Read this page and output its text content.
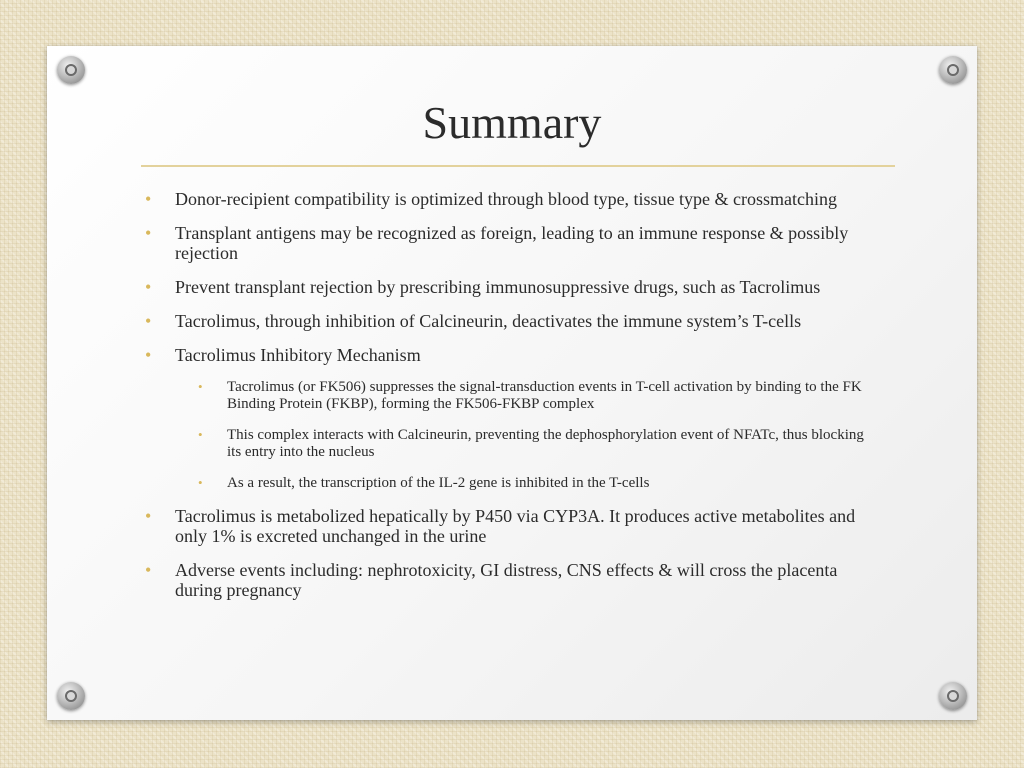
Summary
• Donor-recipient compatibility is optimized through blood type, tissue type & crossmatching
• Transplant antigens may be recognized as foreign, leading to an immune response & possibly rejection
• Prevent transplant rejection by prescribing immunosuppressive drugs, such as Tacrolimus
• Tacrolimus, through inhibition of Calcineurin, deactivates the immune system’s T-cells
• Tacrolimus Inhibitory Mechanism
• Tacrolimus (or FK506) suppresses the signal-transduction events in T-cell activation by binding to the FK Binding Protein (FKBP), forming the FK506-FKBP complex
• This complex interacts with Calcineurin, preventing the dephosphorylation event of NFATc, thus blocking its entry into the nucleus
• As a result, the transcription of the IL-2 gene is inhibited in the T-cells
• Tacrolimus is metabolized hepatically by P450 via CYP3A. It produces active metabolites and only 1% is excreted unchanged in the urine
• Adverse events including: nephrotoxicity, GI distress, CNS effects & will cross the placenta during pregnancy
